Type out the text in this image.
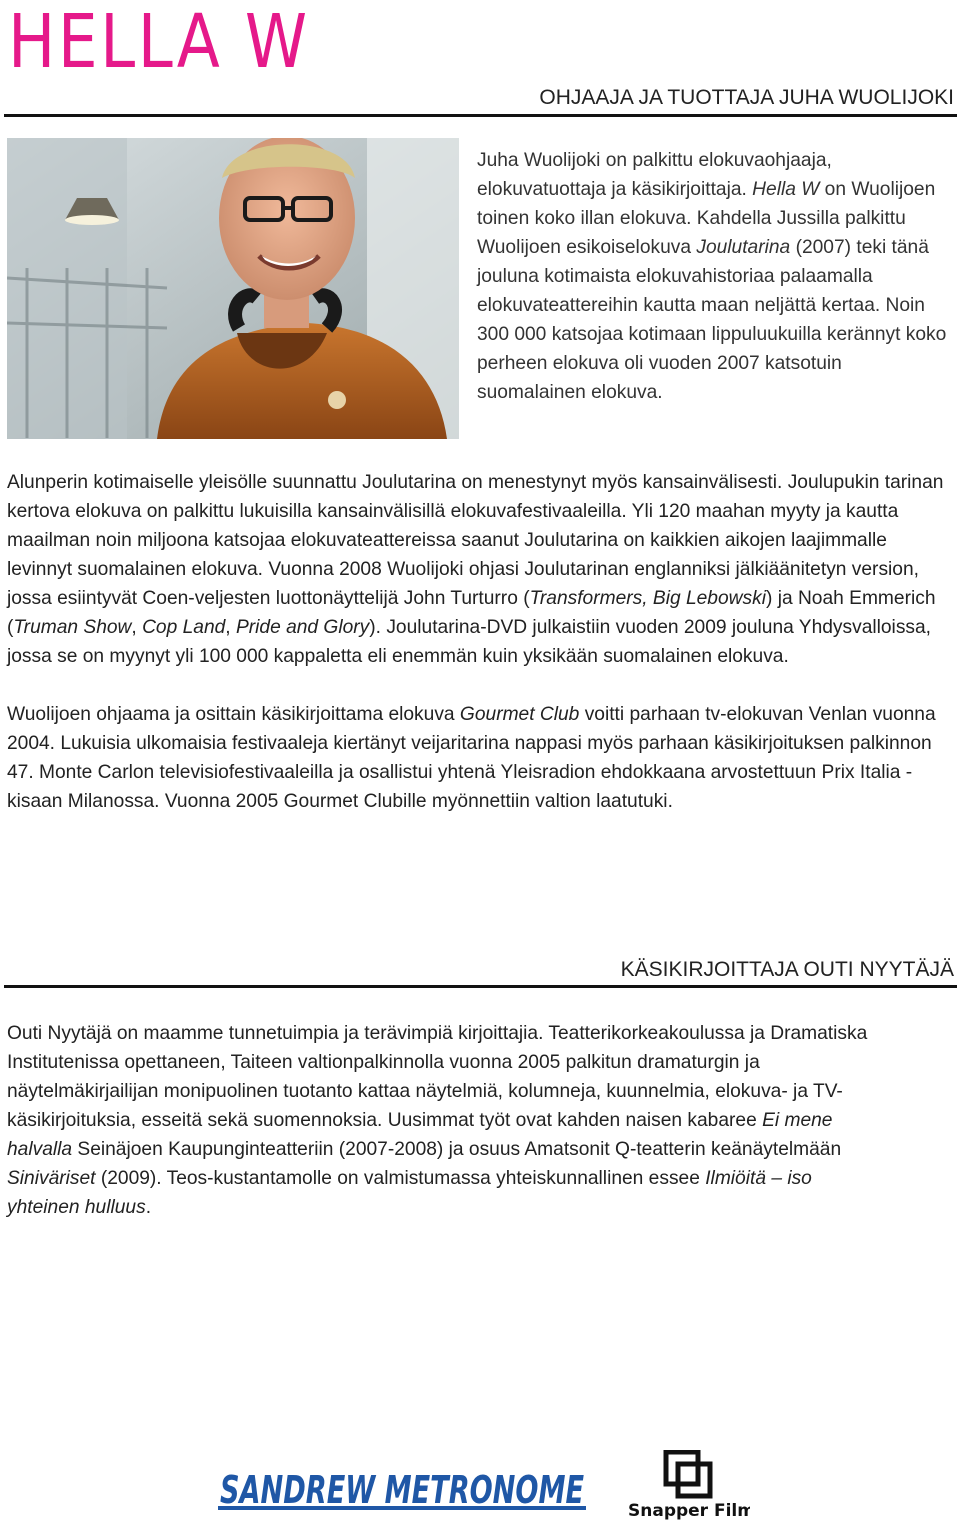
HELLA W
OHJAAJA JA TUOTTAJA JUHA WUOLIJOKI

Juha Wuolijoki on palkittu elokuvaohjaaja, elokuvatuottaja ja käsikirjoittaja. Hella W on Wuolijoen toinen koko illan elokuva. Kahdella Jussilla palkittu Wuolijoen esikoiselokuva Joulutarina (2007) teki tänä jouluna kotimaista elokuvahistoriaa palaamalla elokuvateattereihin kautta maan neljättä kertaa. Noin 300 000 katsojaa kotimaan lippuluukuilla kerännyt koko perheen elokuva oli vuoden 2007 katsotuin suomalainen elokuva.

Alunperin kotimaiselle yleisölle suunnattu Joulutarina on menestynyt myös kansainvälisesti. Joulupukin tarinan kertova elokuva on palkittu lukuisilla kansainvälisillä elokuvafestivaaleilla. Yli 120 maahan myyty ja kautta maailman noin miljoona katsojaa elokuvateattereissa saanut Joulutarina on kaikkien aikojen laajimmalle levinnyt suomalainen elokuva. Vuonna 2008 Wuolijoki ohjasi Joulutarinan englanniksi jälkiäänitetyn version, jossa esiintyvät Coen-veljesten luottonäyttelijä John Turturro (Transformers, Big Lebowski) ja Noah Emmerich (Truman Show, Cop Land, Pride and Glory). Joulutarina-DVD julkaistiin vuoden 2009 jouluna Yhdysvalloissa, jossa se on myynyt yli 100 000 kappaletta eli enemmän kuin yksikään suomalainen elokuva.

Wuolijoen ohjaama ja osittain käsikirjoittama elokuva Gourmet Club voitti parhaan tv-elokuvan Venlan vuonna 2004. Lukuisia ulkomaisia festivaaleja kiertänyt veijaritarina nappasi myös parhaan käsikirjoituksen palkinnon 47. Monte Carlon televisiofestivaaleilla ja osallistui yhtenä Yleisradion ehdokkaana arvostettuun Prix Italia -kisaan Milanossa. Vuonna 2005 Gourmet Clubille myönnettiin valtion laatutuki.

KÄSIKIRJOITTAJA OUTI NYYTÄJÄ

Outi Nyytäjä on maamme tunnetuimpia ja terävimpiä kirjoittajia. Teatterikorkeakoulussa ja Dramatiska Institutenissa opettaneen, Taiteen valtionpalkinnolla vuonna 2005 palkitun dramaturgin ja näytelmäkirjailijan monipuolinen tuotanto kattaa näytelmiä, kolumneja, kuunnelmia, elokuva- ja TV- käsikirjoituksia, esseitä sekä suomennoksia. Uusimmat työt ovat kahden naisen kabaree Ei mene halvalla Seinäjoen Kaupunginteatteriin (2007-2008) ja osuus Amatsonit Q-teatterin keänäytelmään Siniväriset (2009). Teos-kustantamolle on valmistumassa yhteiskunnallinen essee Ilmiöitä – iso yhteinen hulluus.

SANDREW METRONOME	Snapper Film
